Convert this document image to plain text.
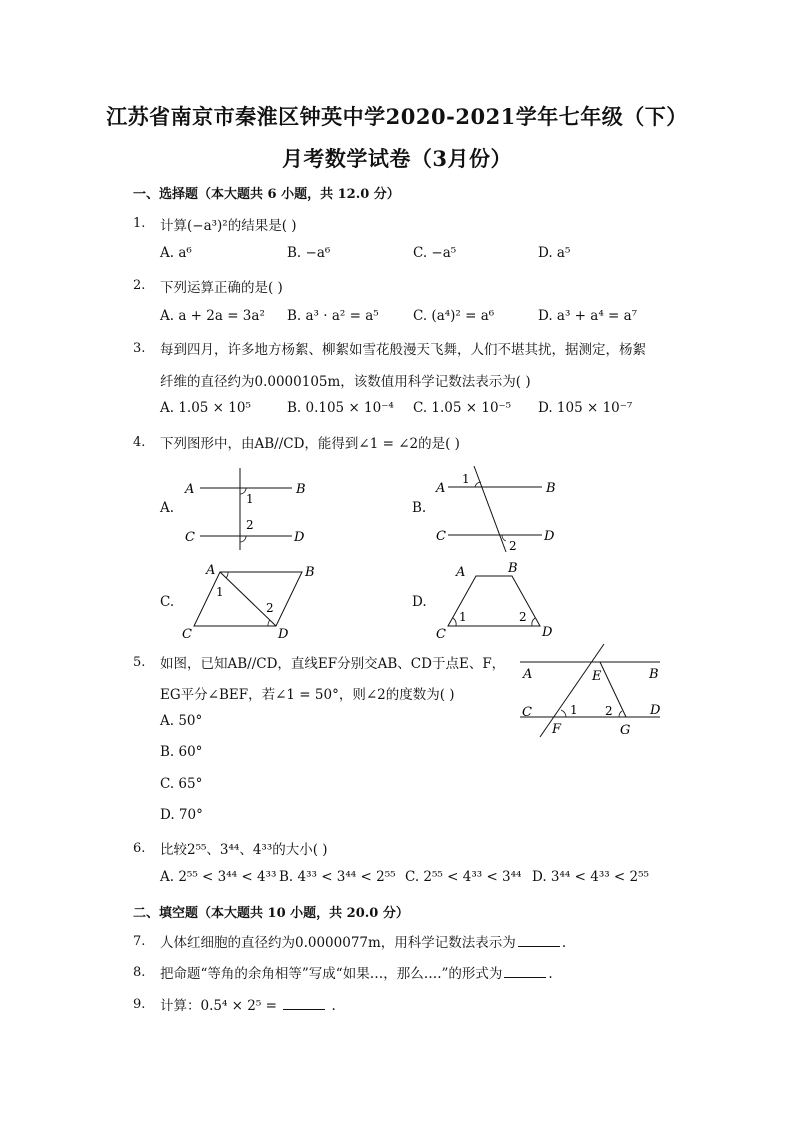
江苏省南京市秦淮区钟英中学2020-2021学年七年级（下）
月考数学试卷（3月份）
一、选择题（本大题共 6 小题，共 12.0 分）
1. 计算(−a³)²的结果是( )
A. a⁶	B. −a⁶	C. −a⁵	D. a⁵
2. 下列运算正确的是( )
A. a + 2a = 3a² B. a³ · a² = a⁵	C. (a⁴)² = a⁶	D. a³ + a⁴ = a⁷
3. 每到四月，许多地方杨絮、柳絮如雪花般漫天飞舞，人们不堪其扰，据测定，杨絮
纤维的直径约为0.0000105m，该数值用科学记数法表示为( )
A. 1.05 × 10⁵	B. 0.105 × 10⁻⁴ C. 1.05 × 10⁻⁵ D. 105 × 10⁻⁷
4. 下列图形中，由AB//CD，能得到∠1 = ∠2的是( )
A.
A	B
C	D
1
2
B.
A	B
C	D
1
2
C.
A	B
C	D
1
2	D.
A	B
C	D
1	2
5. 如图，已知AB//CD，直线EF分别交AB、CD于点E、F，
EG平分∠BEF，若∠1 = 50°，则∠2的度数为( )
A. 50°
B. 60°
C. 65°
D. 70°
A	B
C	D
E
F	G
1 2
6. 比较2⁵⁵、3⁴⁴、4³³的大小( )
A. 2⁵⁵ < 3⁴⁴ < 4³³ B. 4³³ < 3⁴⁴ < 2⁵⁵ C. 2⁵⁵ < 4³³ < 3⁴⁴ D. 3⁴⁴ < 4³³ < 2⁵⁵
二、填空题（本大题共 10 小题，共 20.0 分）
7. 人体红细胞的直径约为0.0000077m，用科学记数法表示为	.
8. 把命题“等角的余角相等”写成“如果…，那么….”的形式为	.
9. 计算：0.5⁴ × 2⁵ =	.
